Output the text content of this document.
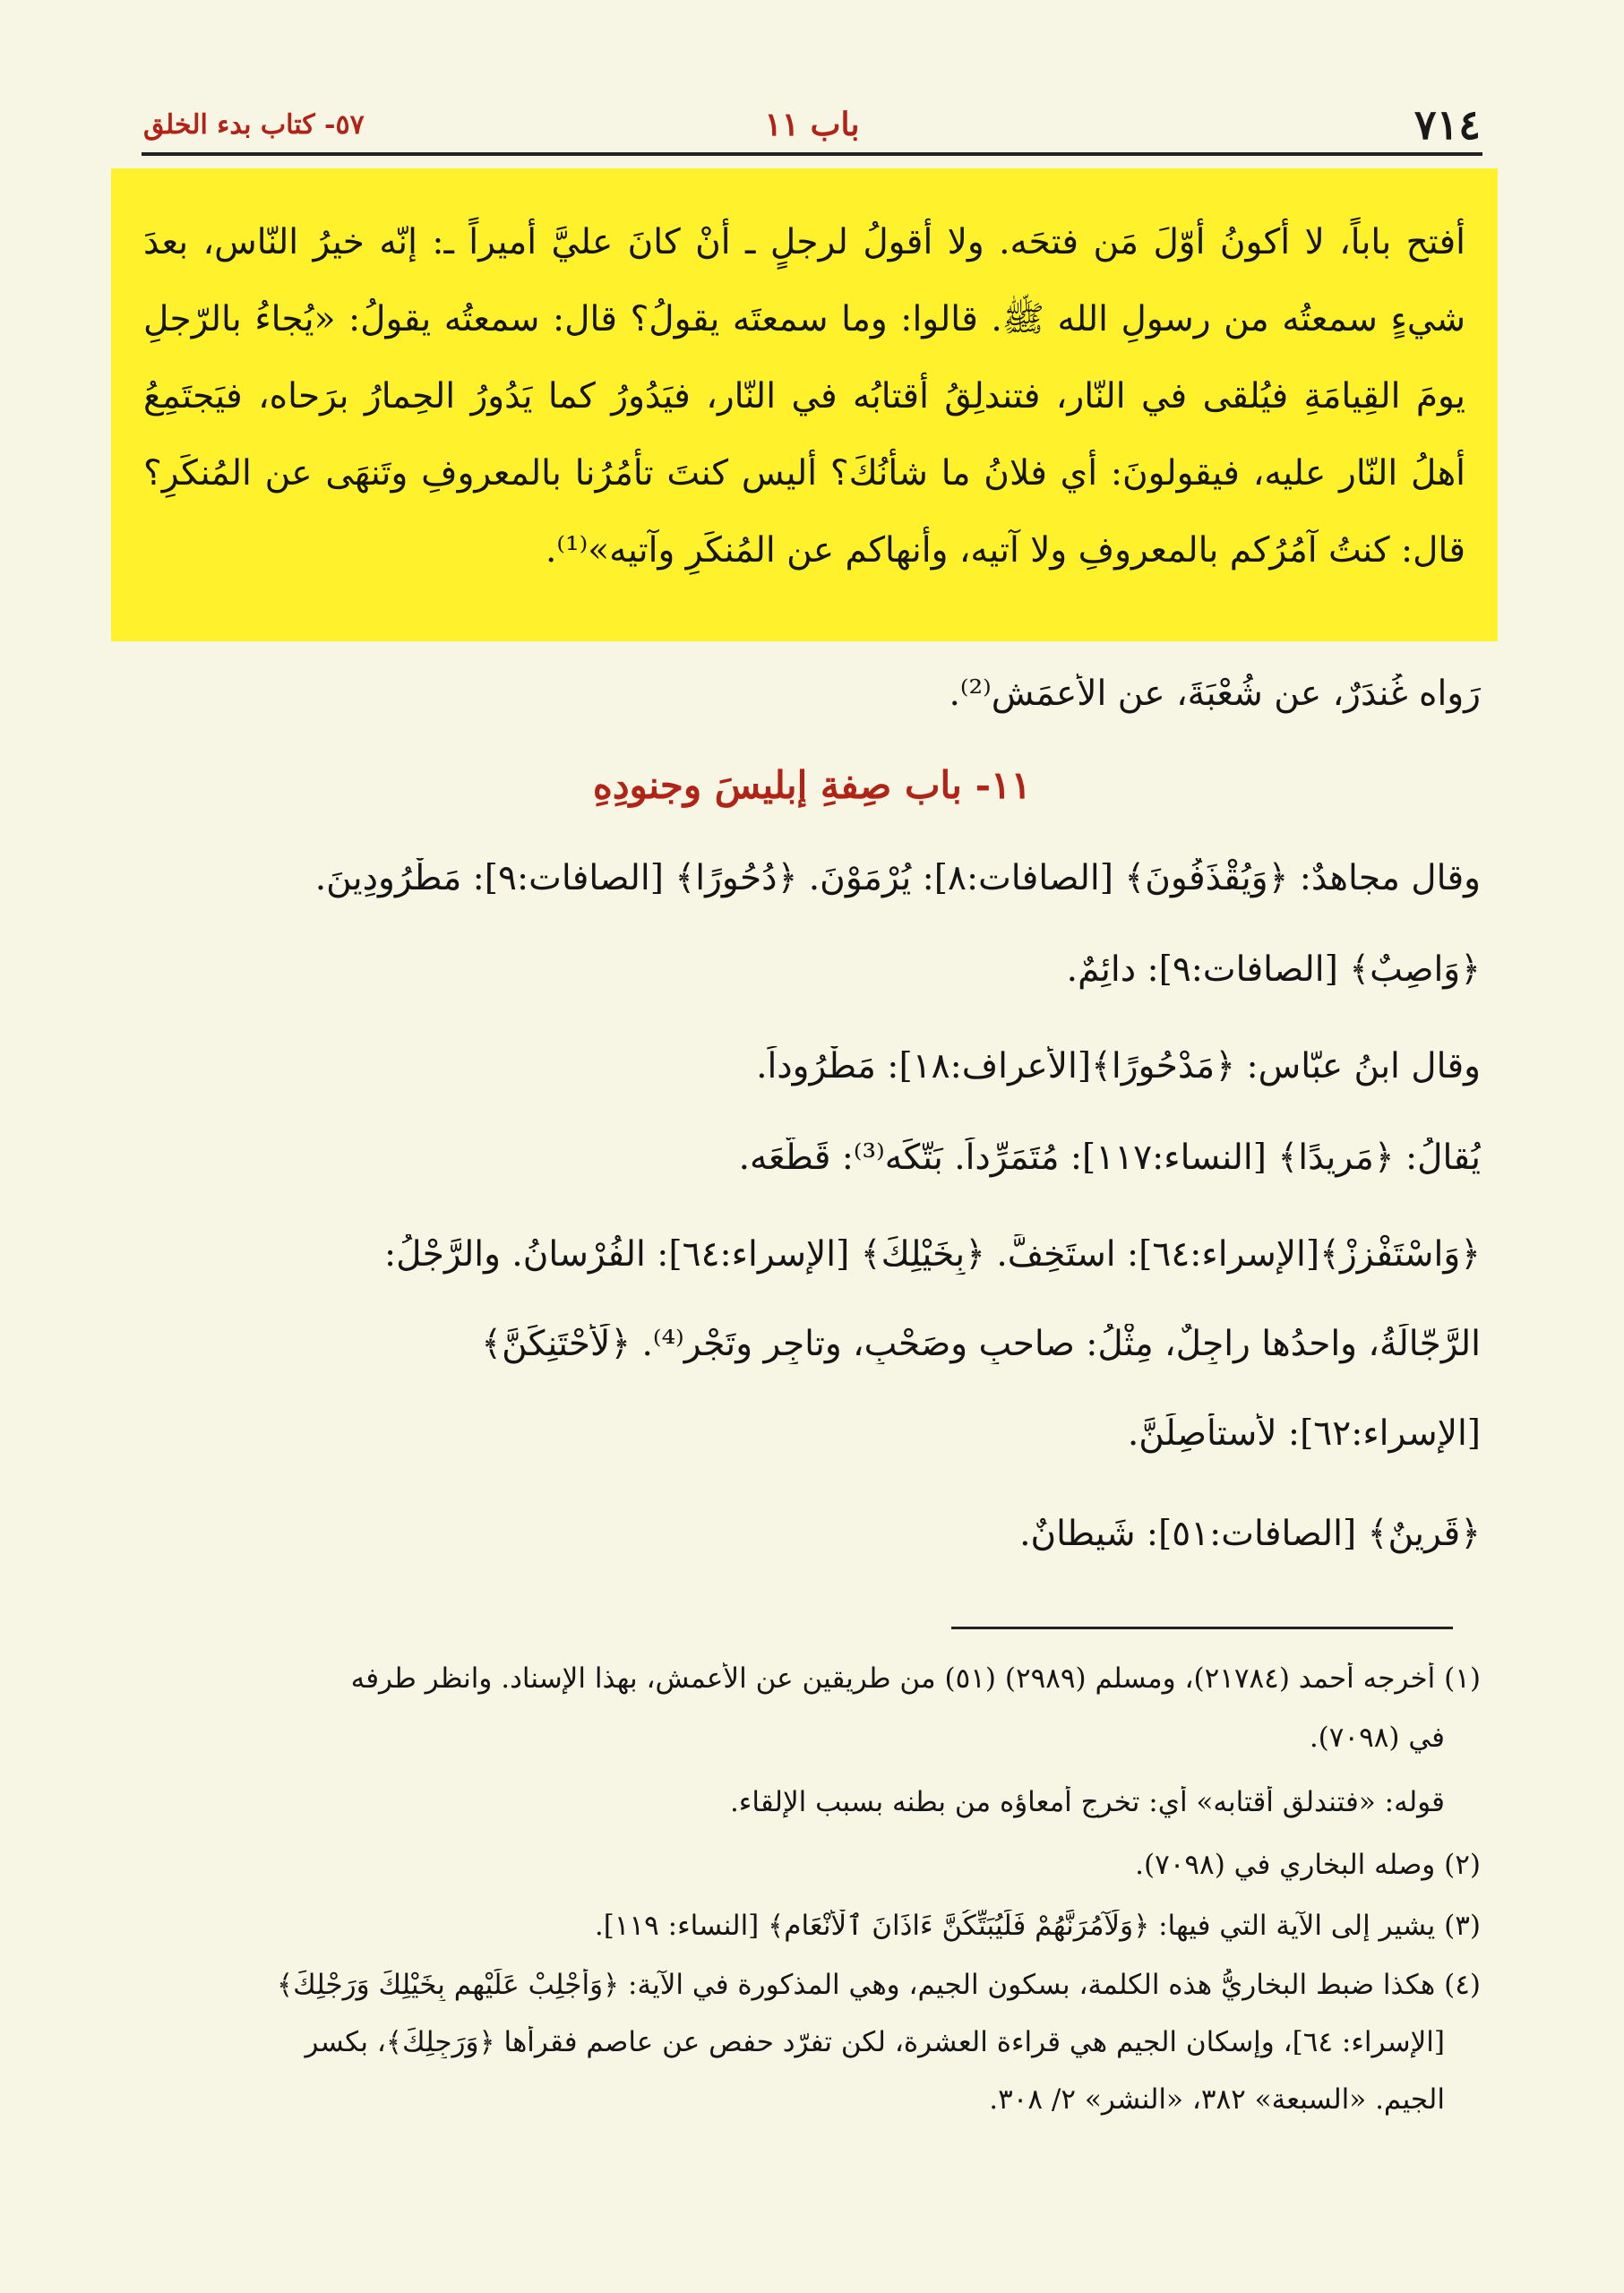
٧١٤
باب ١١
٥٧- كتاب بدء الخلق

أفتح باباً، لا أكونُ أوّلَ مَن فتحَه. ولا أقولُ لرجلٍ ـ أنْ كانَ عليَّ أميراً ـ: إنّه خيرُ النّاس، بعدَ شيءٍ سمعتُه من رسولِ الله ﷺ. قالوا: وما سمعتَه يقولُ؟ قال: سمعتُه يقولُ: «يُجاءُ بالرّجلِ يومَ القِيامَةِ فيُلقى في النّار، فتندلِقُ أقتابُه في النّار، فيَدُورُ كما يَدُورُ الحِمارُ برَحاه، فيَجتَمِعُ أهلُ النّار عليه، فيقولونَ: أي فلانُ ما شأنُكَ؟ أليس كنتَ تأمُرُنا بالمعروفِ وتَنهَى عن المُنكَرِ؟ قال: كنتُ آمُرُكم بالمعروفِ ولا آتيه، وأنهاكم عن المُنكَرِ وآتيه»⁽¹⁾.

رَواه غُندَرٌ، عن شُعْبَةَ، عن الأعمَشِ⁽²⁾.
١١- باب صِفةِ إبليسَ وجنودِهِ
وقال مجاهدٌ: ﴿وَيُقْذَفُونَ﴾ [الصافات:٨]: يُرْمَوْنَ. ﴿دُحُورًا﴾ [الصافات:٩]: مَطْرُودِينَ.
﴿وَاصِبٌ﴾ [الصافات:٩]: دائِمٌ.
وقال ابنُ عبّاسٍ: ﴿مَدْحُورًا﴾[الأعراف:١٨]: مَطْرُوداً.
يُقالُ: ﴿مَرِيدًا﴾ [النساء:١١٧]: مُتَمَرِّداً. بَتّكَه⁽³⁾: قَطّعَه.
﴿وَاسْتَفْزِزْ﴾[الإسراء:٦٤]: استَخِفَّ. ﴿بِخَيْلِكَ﴾ [الإسراء:٦٤]: الفُرْسانُ. والرَّجْلُ:
الرَّجّالَةُ، واحدُها راجِلٌ، مِثْلُ: صاحبٍ وصَحْبٍ، وتاجِرٍ وتَجْرٍ⁽⁴⁾. ﴿لَأَحْتَنِكَنَّ﴾
[الإسراء:٦٢]: لأستأصِلَنَّ.
﴿قَرِينٌ﴾ [الصافات:٥١]: شَيطانٌ.
(١) أخرجه أحمد (٢١٧٨٤)، ومسلم (٢٩٨٩) (٥١) من طريقين عن الأعمش، بهذا الإسناد. وانظر طرفه
في (٧٠٩٨).
قوله: «فتندلق أقتابه» أي: تخرج أمعاؤه من بطنه بسبب الإلقاء.
(٢) وصله البخاري في (٧٠٩٨).
(٣) يشير إلى الآية التي فيها: ﴿وَلَآمُرَنَّهُمْ فَلَيُبَتِّكُنَّ ءَاذَانَ ٱلْأَنْعَامِ﴾ [النساء: ١١٩].
(٤) هكذا ضبط البخاريُّ هذه الكلمة، بسكون الجيم، وهي المذكورة في الآية: ﴿وَأَجْلِبْ عَلَيْهِم بِخَيْلِكَ وَرَجْلِكَ﴾
[الإسراء: ٦٤]، وإسكان الجيم هي قراءة العشرة، لكن تفرّد حفص عن عاصم فقرأها ﴿وَرَجِلِكَ﴾، بكسر
الجيم. «السبعة» ٣٨٢، «النشر» ٢/ ٣٠٨.
